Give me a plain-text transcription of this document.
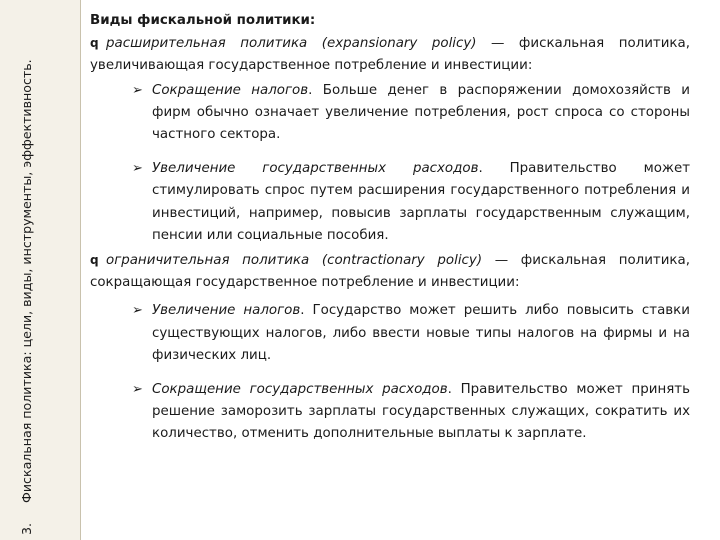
3.Фискальная политика: цели, виды, инструменты, эффективность.

Виды фискальной политики:

q расширительная политика (expansionary policy) — фискальная политика, увеличивающая государственное потребление и инвестиции:

➢ Сокращение налогов. Больше денег в распоряжении домохозяйств и фирм обычно означает увеличение потребления, рост спроса со стороны частного сектора.

➢ Увеличение государственных расходов. Правительство может стимулировать спрос путем расширения государственного потребления и инвестиций, например, повысив зарплаты государственным служащим, пенсии или социальные пособия.

q ограничительная политика (contractionary policy) — фискальная политика, сокращающая государственное потребление и инвестиции:

➢ Увеличение налогов. Государство может решить либо повысить ставки существующих налогов, либо ввести новые типы налогов на фирмы и на физических лиц.

➢ Сокращение государственных расходов. Правительство может принять решение заморозить зарплаты государственных служащих, сократить их количество, отменить дополнительные выплаты к зарплате.
